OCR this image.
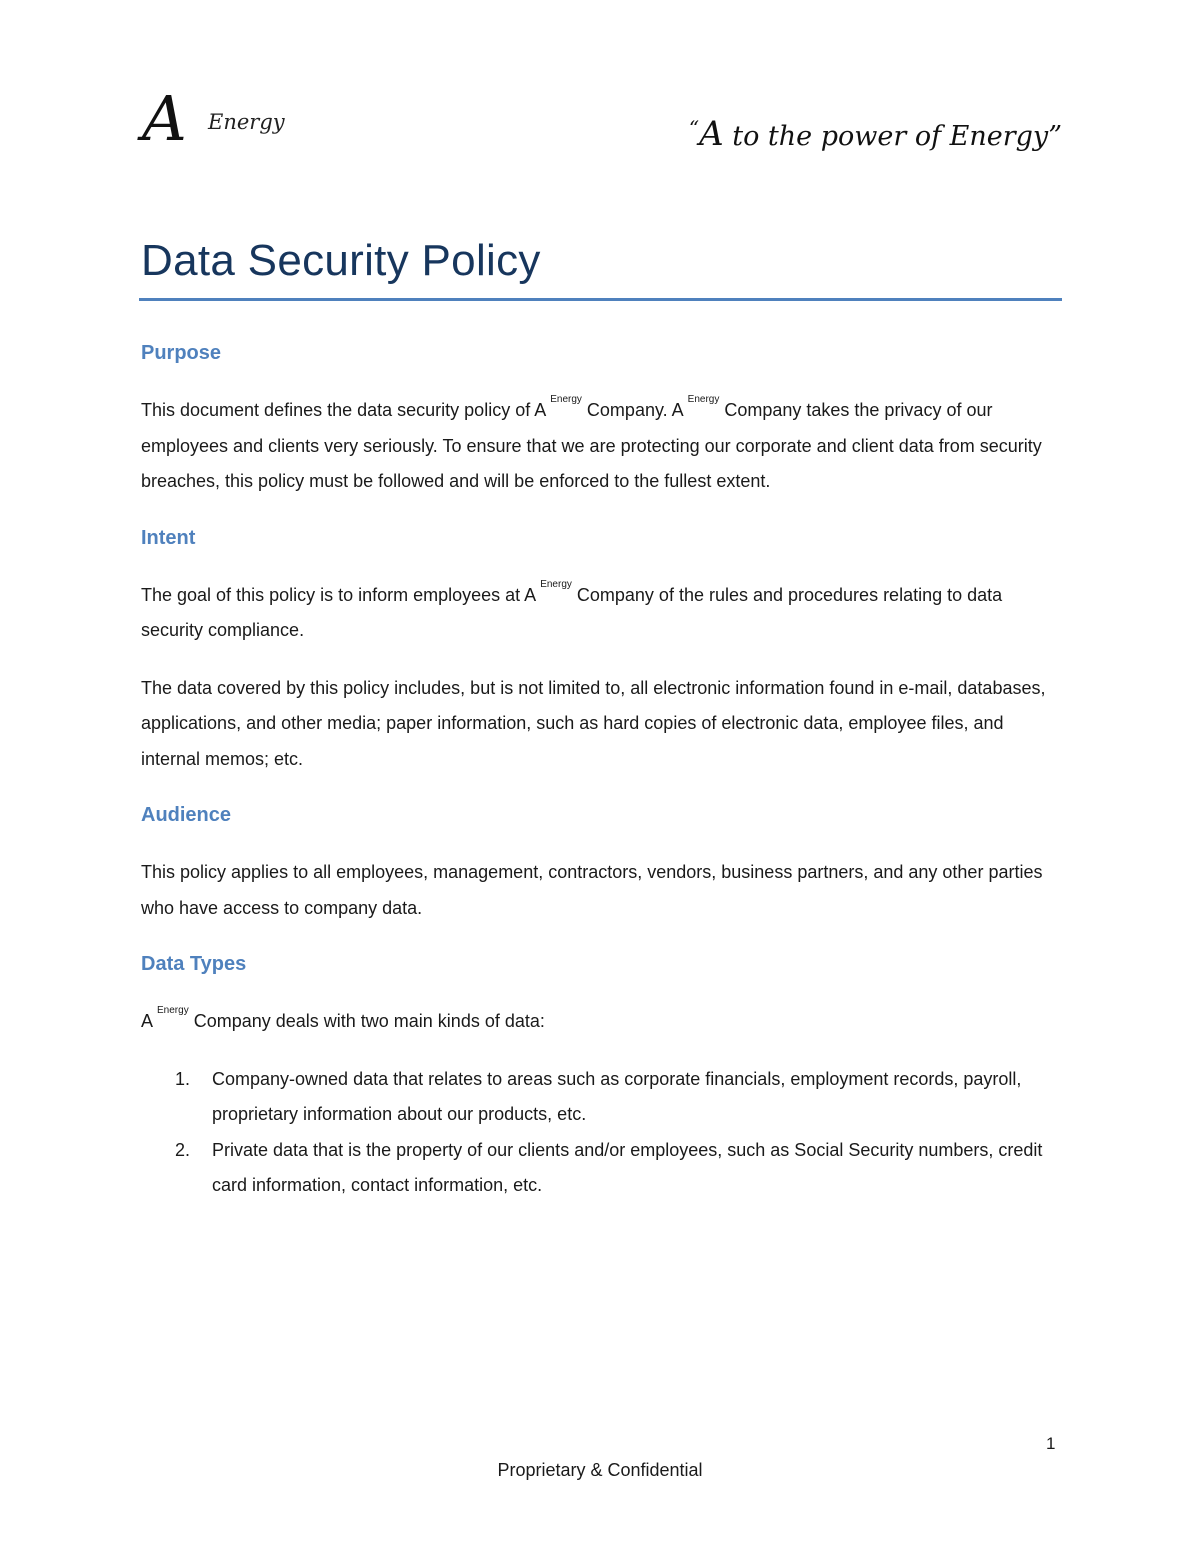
A Energy	“A to the power of Energy”
Data Security Policy
Purpose

This document defines the data security policy of A $^{Energy}$ Company. A $^{Energy}$ Company takes the privacy of our employees and clients very seriously. To ensure that we are protecting our corporate and client data from security breaches, this policy must be followed and will be enforced to the fullest extent.

Intent

The goal of this policy is to inform employees at A $^{Energy}$ Company of the rules and procedures relating to data security compliance.

The data covered by this policy includes, but is not limited to, all electronic information found in e-mail, databases, applications, and other media; paper information, such as hard copies of electronic data, employee files, and internal memos; etc.

Audience

This policy applies to all employees, management, contractors, vendors, business partners, and any other parties who have access to company data.

Data Types

A $^{Energy}$ Company deals with two main kinds of data:

1. Company-owned data that relates to areas such as corporate financials, employment records, payroll, proprietary information about our products, etc.
2. Private data that is the property of our clients and/or employees, such as Social Security numbers, credit card information, contact information, etc.
1
Proprietary & Confidential
